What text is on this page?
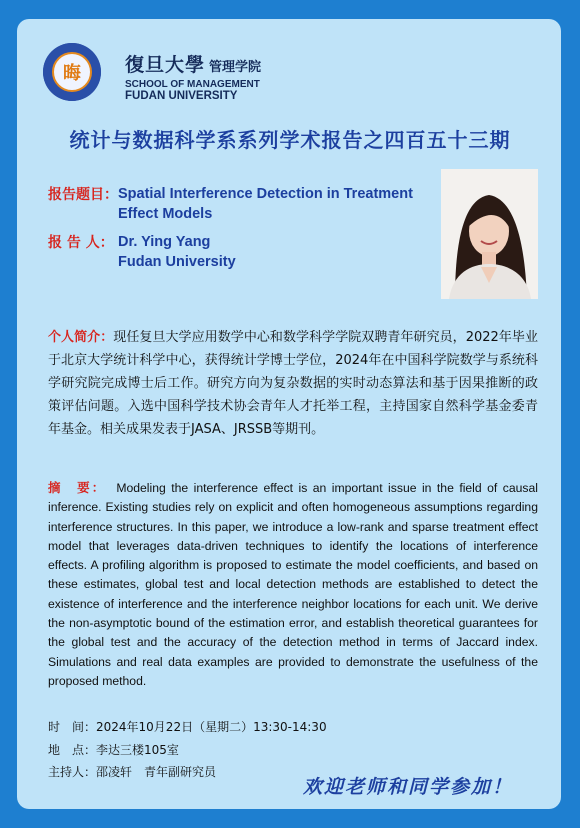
晦	復旦大學 管理学院
SCHOOL OF MANAGEMENT
FUDAN UNIVERSITY
统计与数据科学系系列学术报告之四百五十三期
报告题目： Spatial Interference Detection in Treatment Effect Models
报 告 人： Dr. Ying Yang
Fudan University
个人简介：现任复旦大学应用数学中心和数学科学学院双聘青年研究员，2022年毕业于北京大学统计科学中心，获得统计学博士学位，2024年在中国科学院数学与系统科学研究院完成博士后工作。研究方向为复杂数据的实时动态算法和基于因果推断的政策评估问题。入选中国科学技术协会青年人才托举工程，主持国家自然科学基金委青年基金。相关成果发表于JASA、JRSSB等期刊。
摘　要： Modeling the interference effect is an important issue in the field of causal inference. Existing studies rely on explicit and often homogeneous assumptions regarding interference structures. In this paper, we introduce a low-rank and sparse treatment effect model that leverages data-driven techniques to identify the locations of interference effects. A profiling algorithm is proposed to estimate the model coefficients, and based on these estimates, global test and local detection methods are established to detect the existence of interference and the interference neighbor locations for each unit. We derive the non-asymptotic bound of the estimation error, and establish theoretical guarantees for the global test and the accuracy of the detection method in terms of Jaccard index. Simulations and real data examples are provided to demonstrate the usefulness of the proposed method.
时　间：2024年10月22日（星期二）13:30-14:30
地　点：李达三楼105室
主持人：邵凌轩　青年副研究员
欢迎老师和同学参加！
